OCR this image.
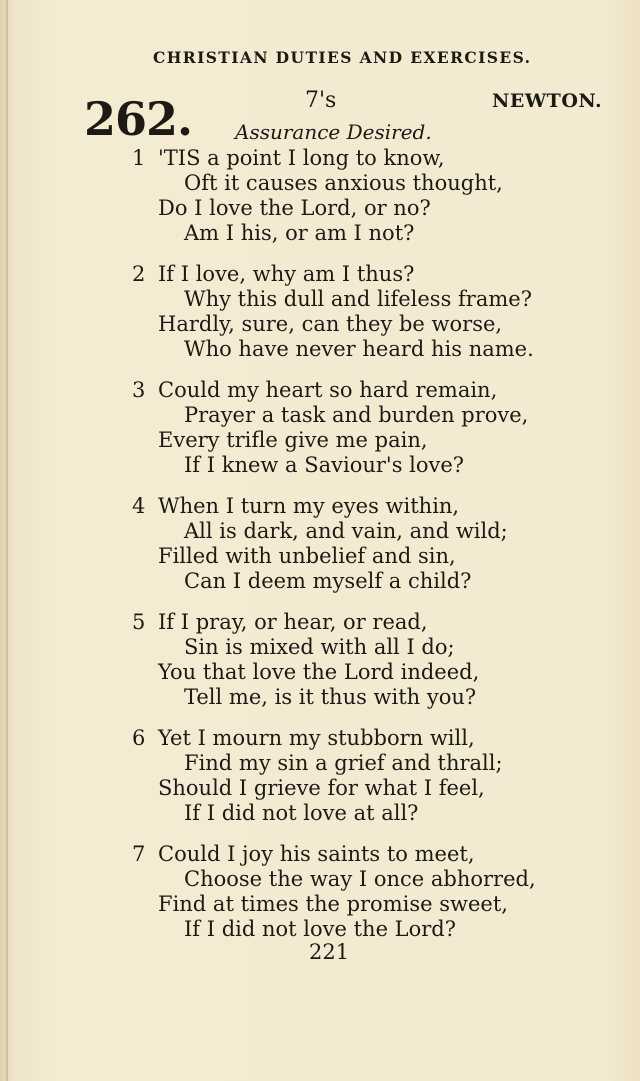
CHRISTIAN DUTIES AND EXERCISES.
262.	7's	NEWTON.
Assurance Desired.
1 'TIS a point I long to know,
Oft it causes anxious thought,
Do I love the Lord, or no?
Am I his, or am I not?
2 If I love, why am I thus?
Why this dull and lifeless frame?
Hardly, sure, can they be worse,
Who have never heard his name.
3 Could my heart so hard remain,
Prayer a task and burden prove,
Every trifle give me pain,
If I knew a Saviour's love?
4 When I turn my eyes within,
All is dark, and vain, and wild;
Filled with unbelief and sin,
Can I deem myself a child?
5 If I pray, or hear, or read,
Sin is mixed with all I do;
You that love the Lord indeed,
Tell me, is it thus with you?
6 Yet I mourn my stubborn will,
Find my sin a grief and thrall;
Should I grieve for what I feel,
If I did not love at all?
7 Could I joy his saints to meet,
Choose the way I once abhorred,
Find at times the promise sweet,
If I did not love the Lord?
221
